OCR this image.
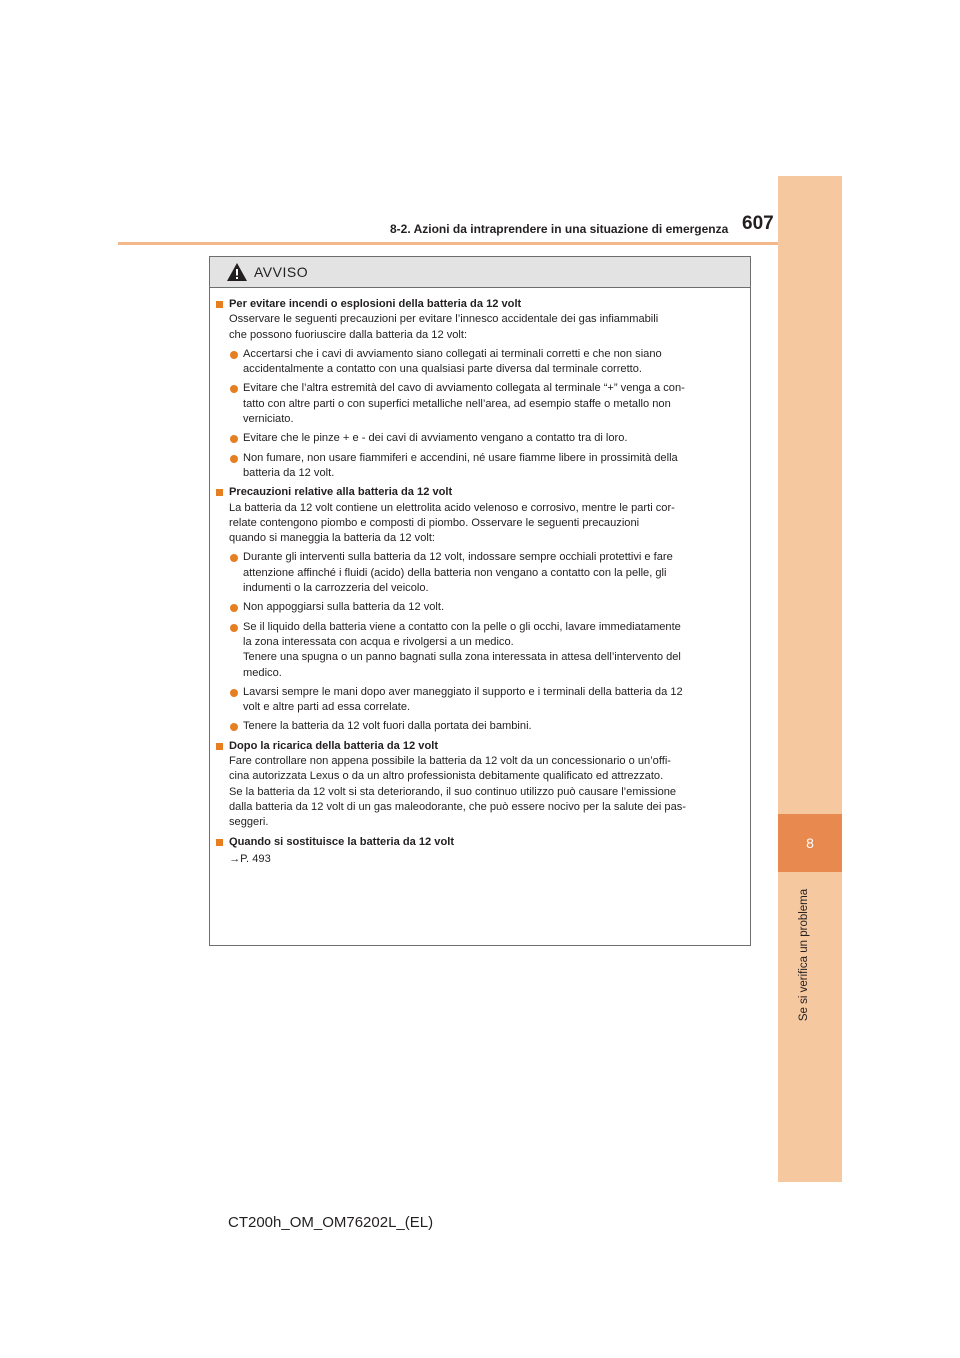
8
Se si verifica un problema
8-2. Azioni da intraprendere in una situazione di emergenza 607
AVVISO
Per evitare incendi o esplosioni della batteria da 12 volt
Osservare le seguenti precauzioni per evitare l’innesco accidentale dei gas infiammabili
che possono fuoriuscire dalla batteria da 12 volt:
Accertarsi che i cavi di avviamento siano collegati ai terminali corretti e che non siano
accidentalmente a contatto con una qualsiasi parte diversa dal terminale corretto.
Evitare che l’altra estremità del cavo di avviamento collegata al terminale “+” venga a con-
tatto con altre parti o con superfici metalliche nell’area, ad esempio staffe o metallo non
verniciato.
Evitare che le pinze + e - dei cavi di avviamento vengano a contatto tra di loro.
Non fumare, non usare fiammiferi e accendini, né usare fiamme libere in prossimità della
batteria da 12 volt.
Precauzioni relative alla batteria da 12 volt
La batteria da 12 volt contiene un elettrolita acido velenoso e corrosivo, mentre le parti cor-
relate contengono piombo e composti di piombo. Osservare le seguenti precauzioni
quando si maneggia la batteria da 12 volt:
Durante gli interventi sulla batteria da 12 volt, indossare sempre occhiali protettivi e fare
attenzione affinché i fluidi (acido) della batteria non vengano a contatto con la pelle, gli
indumenti o la carrozzeria del veicolo.
Non appoggiarsi sulla batteria da 12 volt.
Se il liquido della batteria viene a contatto con la pelle o gli occhi, lavare immediatamente
la zona interessata con acqua e rivolgersi a un medico.
Tenere una spugna o un panno bagnati sulla zona interessata in attesa dell’intervento del
medico.
Lavarsi sempre le mani dopo aver maneggiato il supporto e i terminali della batteria da 12
volt e altre parti ad essa correlate.
Tenere la batteria da 12 volt fuori dalla portata dei bambini.
Dopo la ricarica della batteria da 12 volt
Fare controllare non appena possibile la batteria da 12 volt da un concessionario o un’offi-
cina autorizzata Lexus o da un altro professionista debitamente qualificato ed attrezzato.
Se la batteria da 12 volt si sta deteriorando, il suo continuo utilizzo può causare l’emissione
dalla batteria da 12 volt di un gas maleodorante, che può essere nocivo per la salute dei pas-
seggeri.
Quando si sostituisce la batteria da 12 volt
→P. 493
CT200h_OM_OM76202L_(EL)
